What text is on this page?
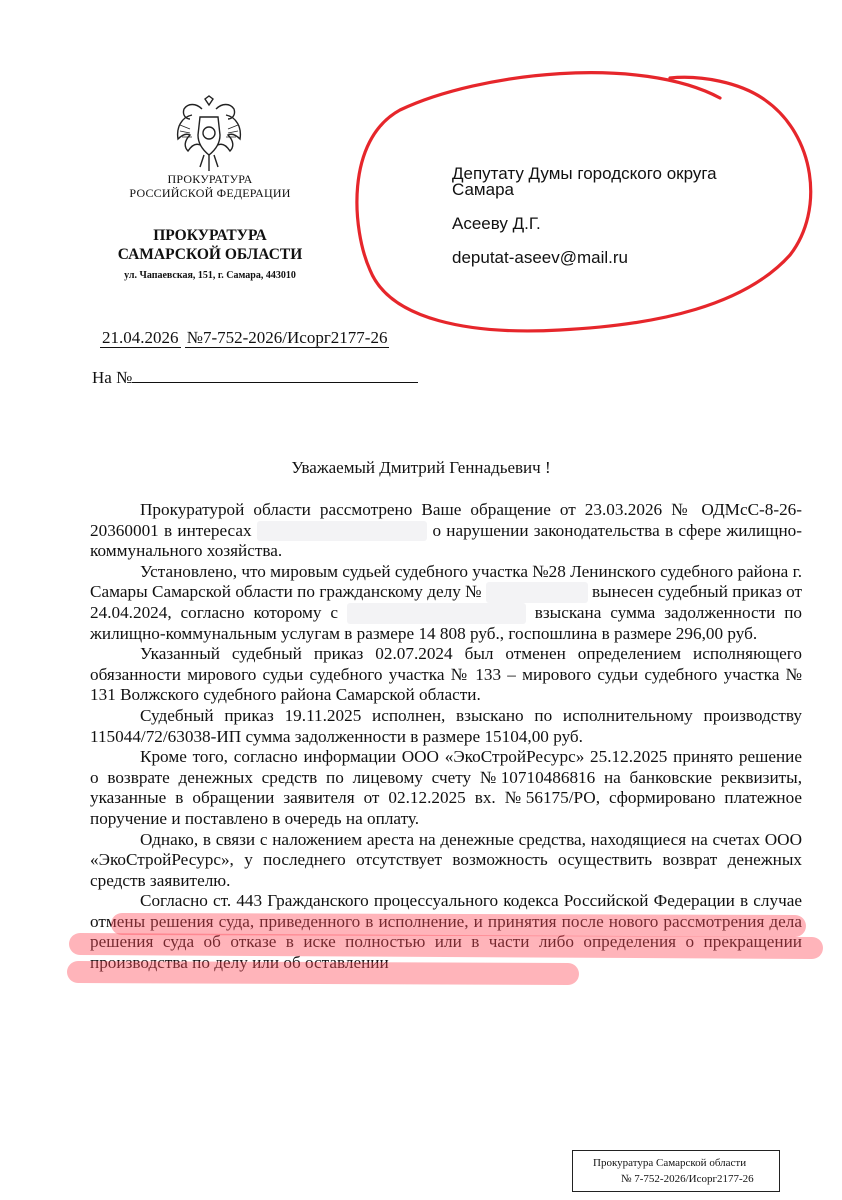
ПРОКУРАТУРА
РОССИЙСКОЙ ФЕДЕРАЦИИ
ПРОКУРАТУРА
САМАРСКОЙ ОБЛАСТИ
ул. Чапаевская, 151, г. Самара, 443010
Депутату Думы городского округа
Самара
Асееву Д.Г.
deputat-aseev@mail.ru
21.04.2026 №7-752-2026/Исорг2177-26
На №
Уважаемый Дмитрий Геннадьевич !

Прокуратурой области рассмотрено Ваше обращение от 23.03.2026 № ОДМсС-8-26-20360001 в интересах	о нарушении законодательства в сфере жилищно-коммунального хозяйства.

Установлено, что мировым судьей судебного участка №28 Ленинского судебного района г. Самары Самарской области по гражданскому делу №	вынесен судебный приказ от 24.04.2024, согласно которому с	взыскана сумма задолженности по жилищно-коммунальным услугам в размере 14 808 руб., госпошлина в размере 296,00 руб.

Указанный судебный приказ 02.07.2024 был отменен определением исполняющего обязанности мирового судьи судебного участка № 133 – мирового судьи судебного участка № 131 Волжского судебного района Самарской области.

Судебный приказ 19.11.2025 исполнен, взыскано по исполнительному производству 115044/72/63038-ИП сумма задолженности в размере 15104,00 руб.

Кроме того, согласно информации ООО «ЭкоСтройРесурс» 25.12.2025 принято решение о возврате денежных средств по лицевому счету №10710486816 на банковские реквизиты, указанные в обращении заявителя от 02.12.2025 вх. №56175/РО, сформировано платежное поручение и поставлено в очередь на оплату.

Однако, в связи с наложением ареста на денежные средства, находящиеся на счетах ООО «ЭкоСтройРесурс», у последнего отсутствует возможность осуществить возврат денежных средств заявителю.

Согласно ст. 443 Гражданского процессуального кодекса Российской Федерации в случае отмены решения суда, приведенного в исполнение, и принятия после нового рассмотрения дела решения суда об отказе в иске полностью или в части либо определения о прекращении производства по делу или об оставлении

Прокуратура Самарской области
№ 7-752-2026/Исорг2177-26
